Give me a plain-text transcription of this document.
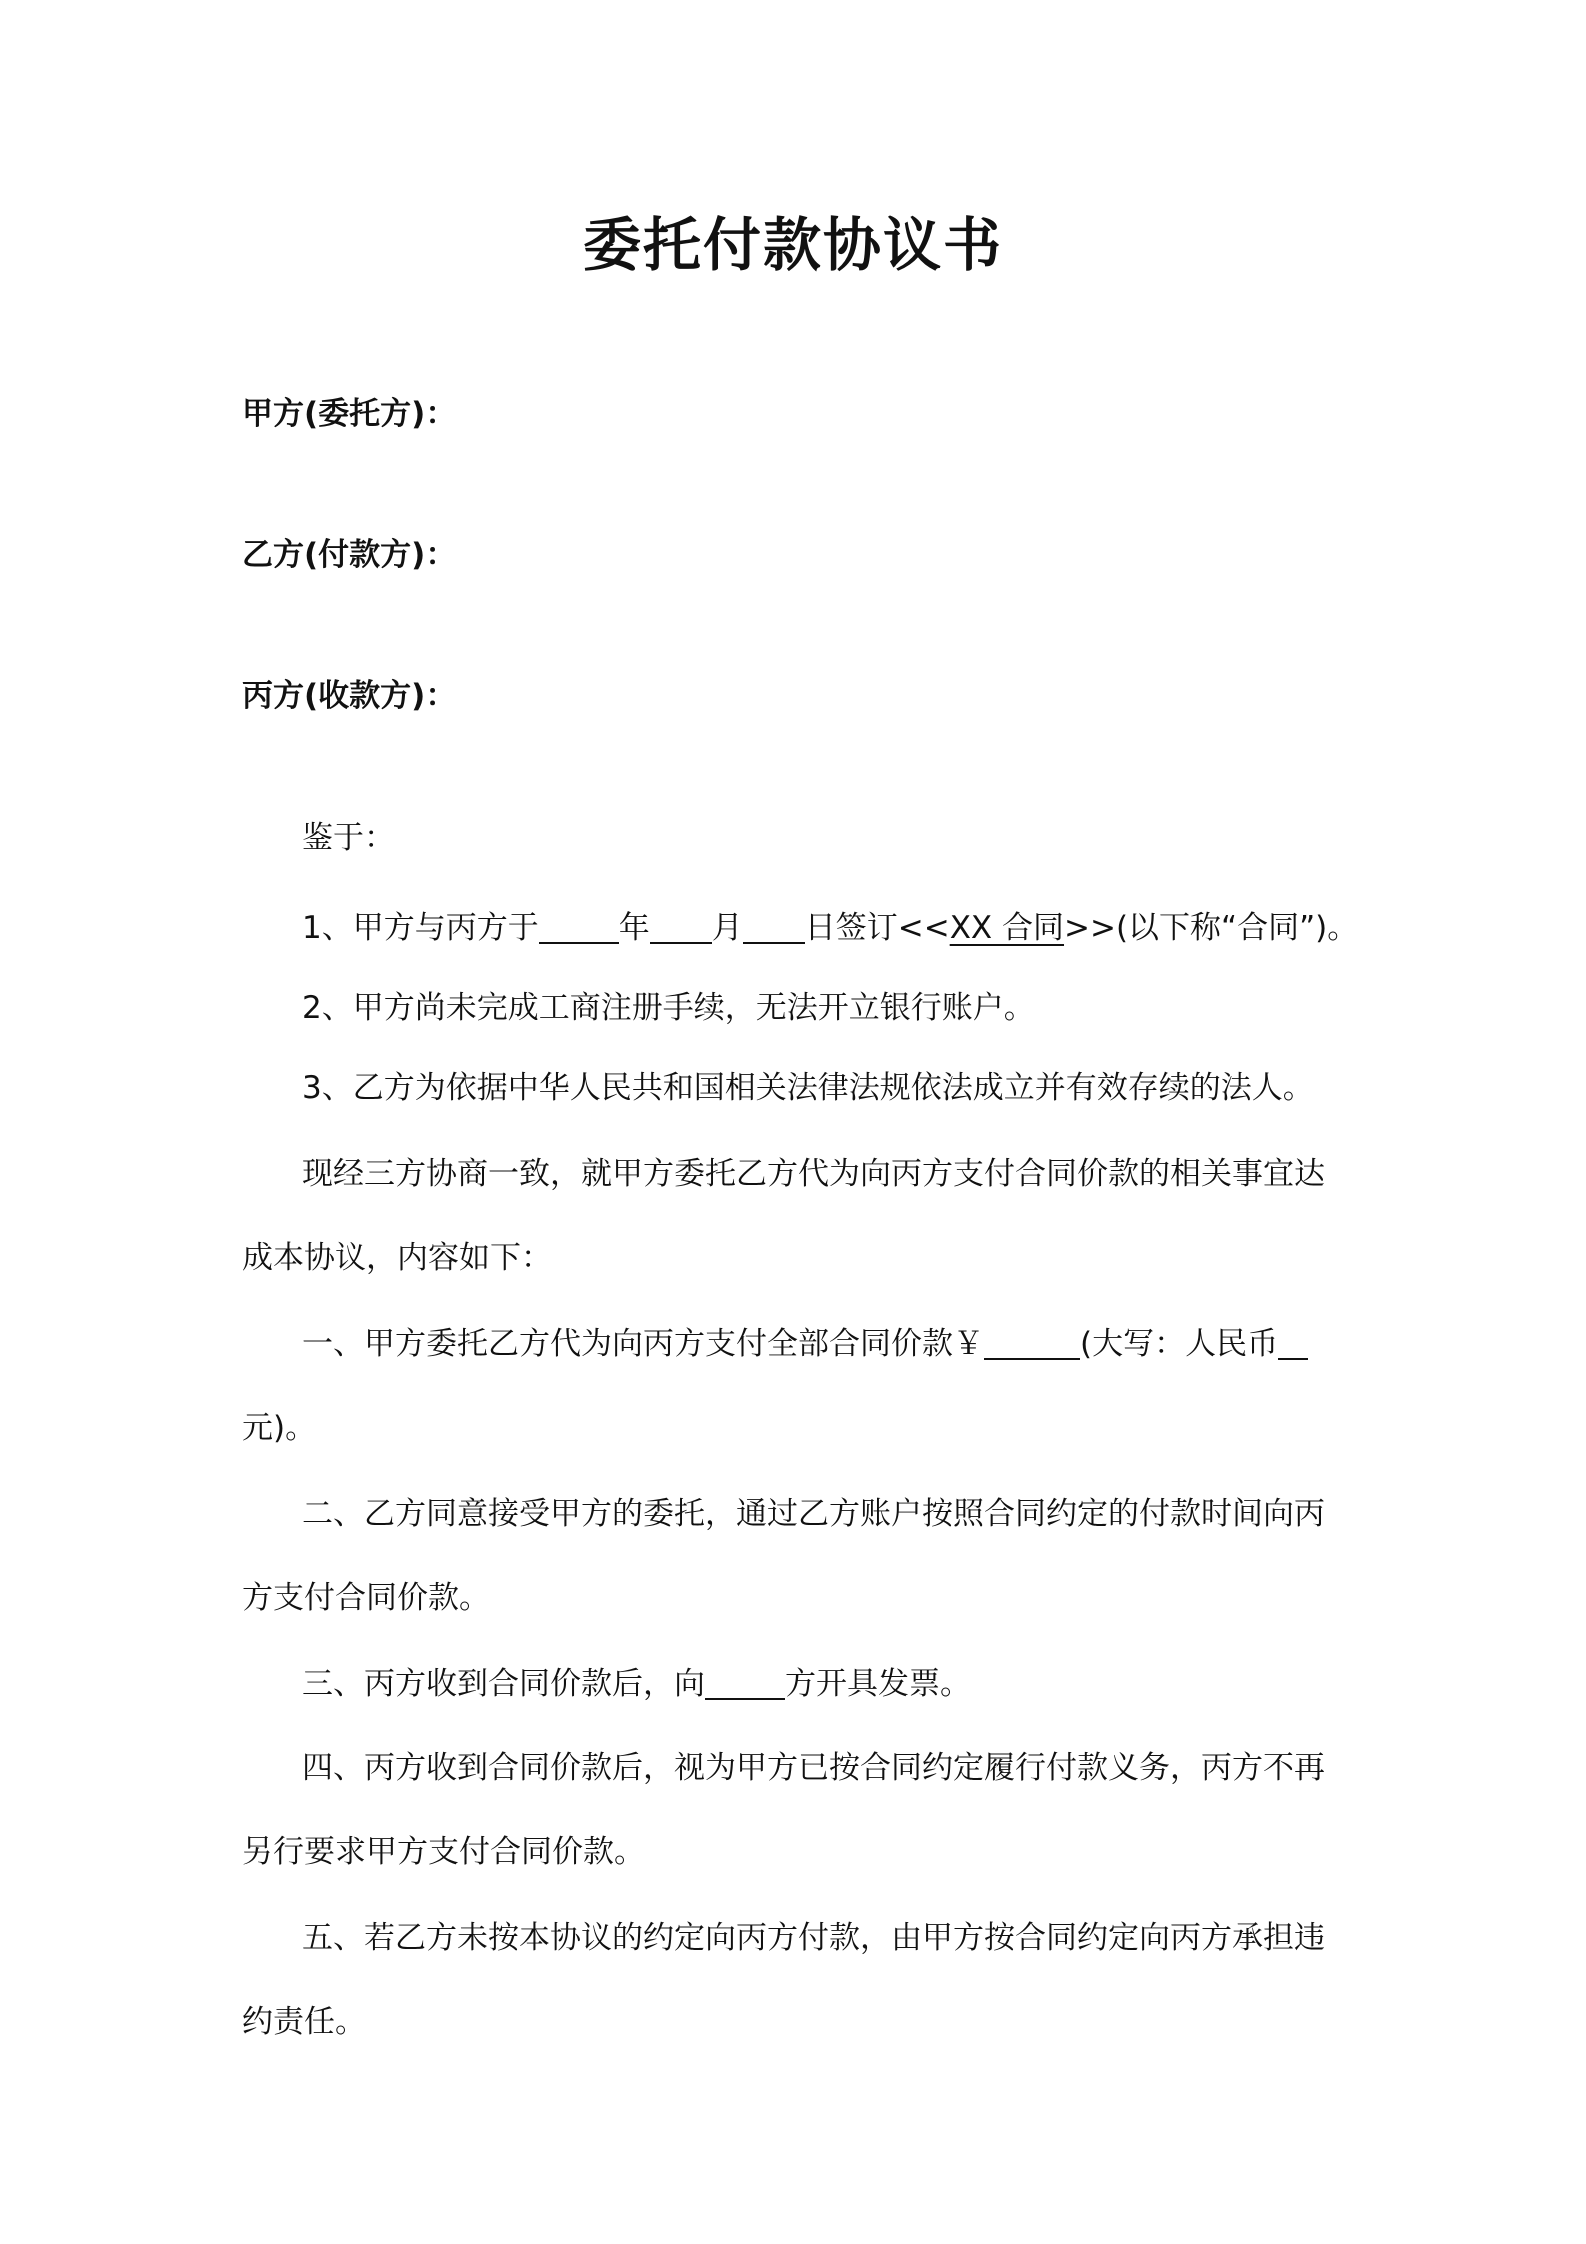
委托付款协议书
甲方(委托方)：
乙方(付款方)：
丙方(收款方)：
鉴于：
1、甲方与丙方于	年 月 日签订<<XX 合同>>(以下称“合同”)。
2、甲方尚未完成工商注册手续，无法开立银行账户。
3、乙方为依据中华人民共和国相关法律法规依法成立并有效存续的法人。
现经三方协商一致，就甲方委托乙方代为向丙方支付合同价款的相关事宜达
成本协议，内容如下：
一、甲方委托乙方代为向丙方支付全部合同价款￥	(大写：人民币
元)。
二、乙方同意接受甲方的委托，通过乙方账户按照合同约定的付款时间向丙
方支付合同价款。
三、丙方收到合同价款后，向	方开具发票。
四、丙方收到合同价款后，视为甲方已按合同约定履行付款义务，丙方不再
另行要求甲方支付合同价款。
五、若乙方未按本协议的约定向丙方付款，由甲方按合同约定向丙方承担违
约责任。
